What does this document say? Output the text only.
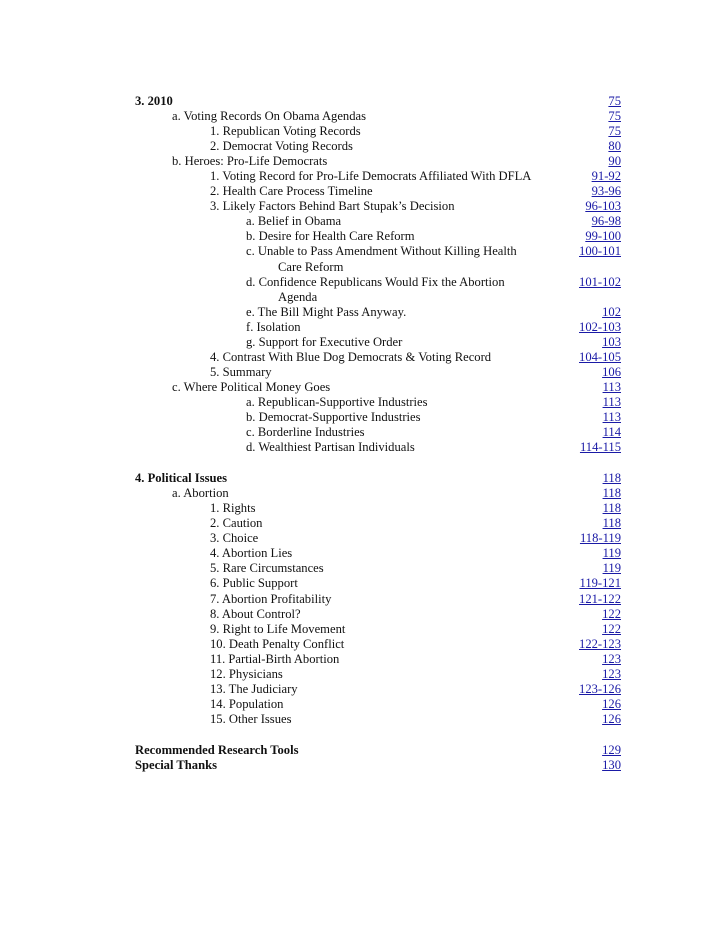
3. 2010	75
a. Voting Records On Obama Agendas	75
1. Republican Voting Records	75
2. Democrat Voting Records	80
b. Heroes: Pro-Life Democrats	90
1. Voting Record for Pro-Life Democrats Affiliated With DFLA	91-92
2. Health Care Process Timeline	93-96
3. Likely Factors Behind Bart Stupak’s Decision	96-103
a. Belief in Obama	96-98
b. Desire for Health Care Reform	99-100
c. Unable to Pass Amendment Without Killing Health	100-101
Care Reform
d. Confidence Republicans Would Fix the Abortion	101-102
Agenda
e. The Bill Might Pass Anyway.	102
f. Isolation	102-103
g. Support for Executive Order	103
4. Contrast With Blue Dog Democrats & Voting Record	104-105
5. Summary	106
c. Where Political Money Goes	113
a. Republican-Supportive Industries	113
b. Democrat-Supportive Industries	113
c. Borderline Industries	114
d. Wealthiest Partisan Individuals	114-115
4. Political Issues	118
a. Abortion	118
1. Rights	118
2. Caution	118
3. Choice	118-119
4. Abortion Lies	119
5. Rare Circumstances	119
6. Public Support	119-121
7. Abortion Profitability	121-122
8. About Control?	122
9. Right to Life Movement	122
10. Death Penalty Conflict	122-123
11. Partial-Birth Abortion	123
12. Physicians	123
13. The Judiciary	123-126
14. Population	126
15. Other Issues	126
Recommended Research Tools	129
Special Thanks	130
